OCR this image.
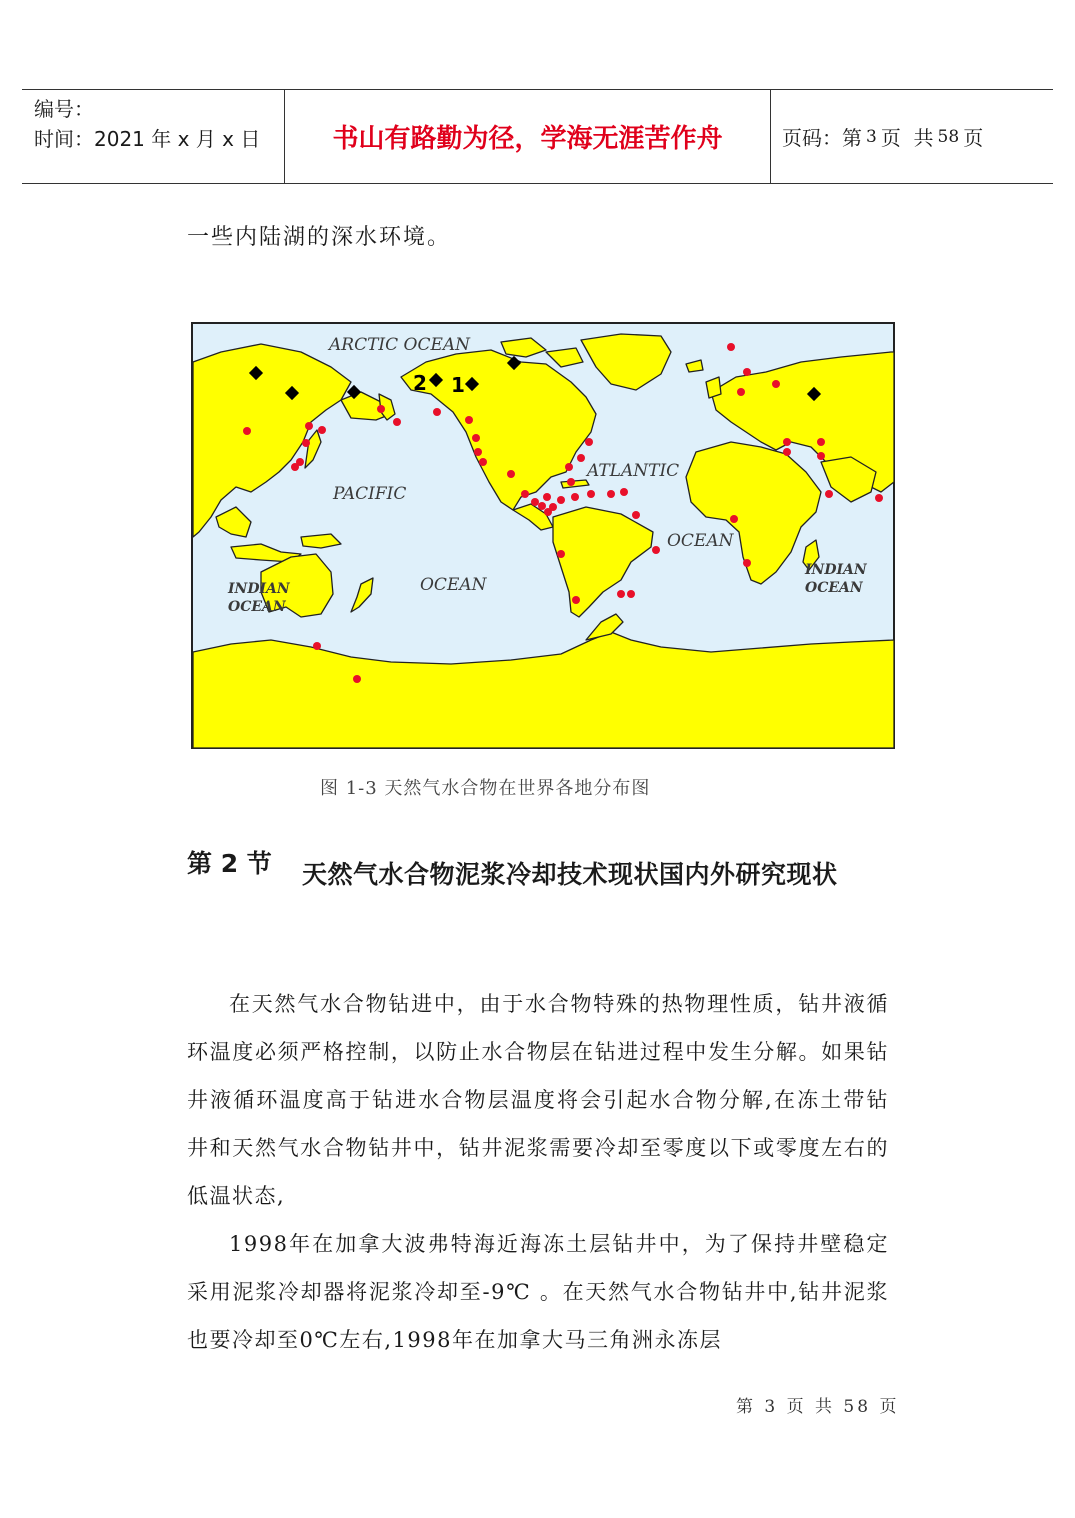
编号：
时间：2021 年 x 月 x 日	书山有路勤为径，学海无涯苦作舟	页码：第 3 页  共 58 页
一些内陆湖的深水环境。
ARCTIC OCEAN
PACIFIC
OCEAN
ATLANTIC
OCEAN
INDIAN
OCEAN
INDIAN
OCEAN
2 1
图 1-3 天然气水合物在世界各地分布图
第 2 节 天然气水合物泥浆冷却技术现状国内外研究现状

在天然气水合物钻进中，由于水合物特殊的热物理性质，钻井液循环温度必须严格控制，以防止水合物层在钻进过程中发生分解。如果钻井液循环温度高于钻进水合物层温度将会引起水合物分解,在冻土带钻井和天然气水合物钻井中，钻井泥浆需要冷却至零度以下或零度左右的低温状态,

1998年在加拿大波弗特海近海冻土层钻井中，为了保持井壁稳定采用泥浆冷却器将泥浆冷却至-9℃ 。在天然气水合物钻井中,钻井泥浆也要冷却至0℃左右,1998年在加拿大马三角洲永冻层

第 3 页 共 58 页
